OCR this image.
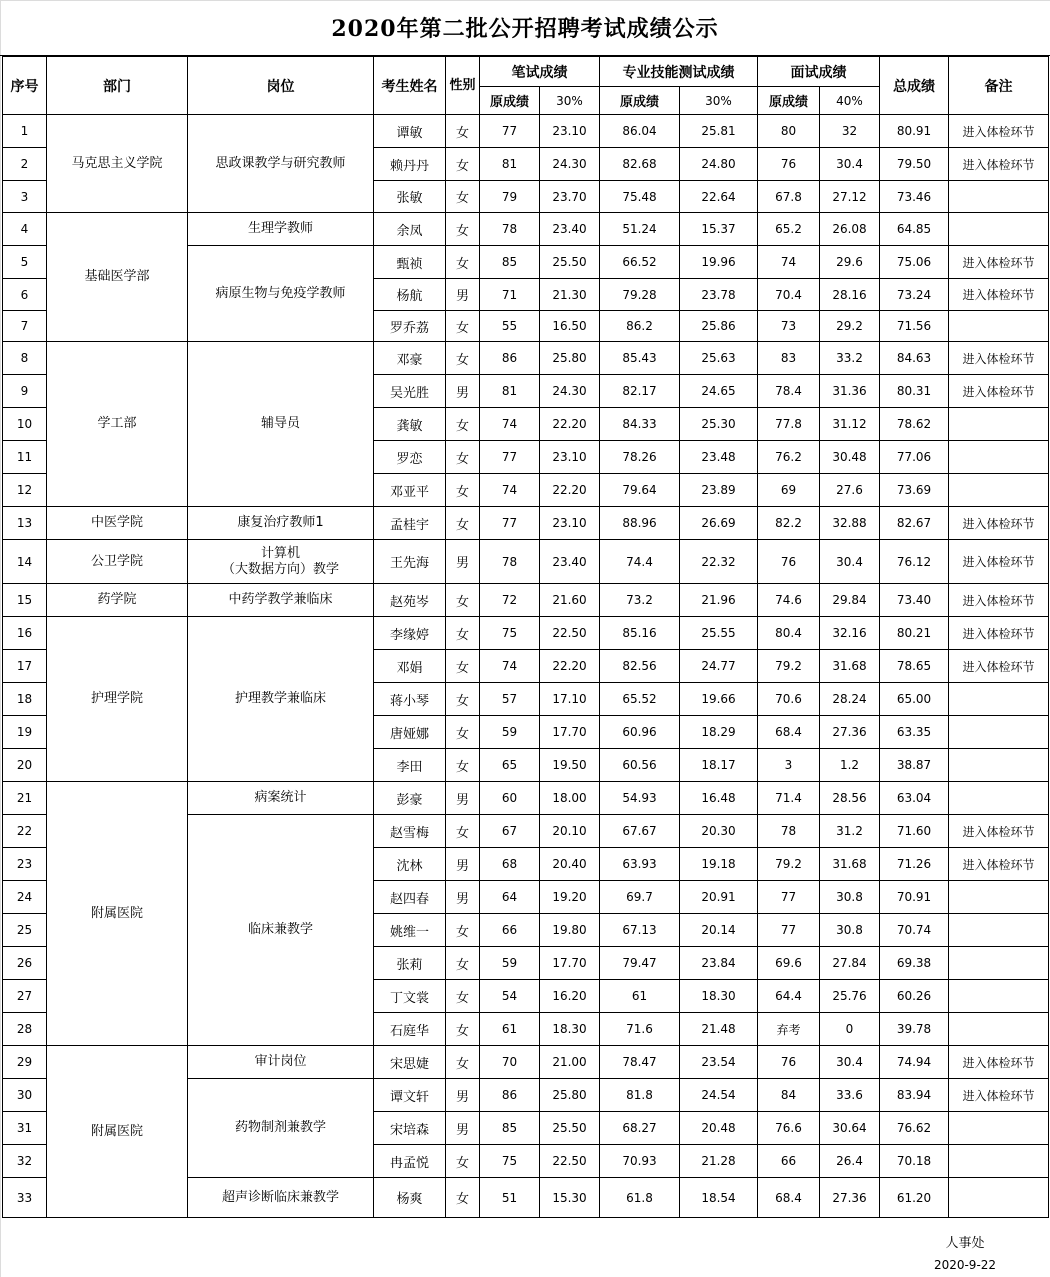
2020年第二批公开招聘考试成绩公示
序号	部门	岗位	考生姓名	性别	笔试成绩		专业技能测试成绩		面试成绩		总成绩	备注
					原成绩	30%	原成绩	30%	原成绩	40%		
1	马克思主义学院	思政课教学与研究教师	谭敏	女	77	23.10	86.04	25.81	80	32	80.91	进入体检环节
2			赖丹丹	女	81	24.30	82.68	24.80	76	30.4	79.50	进入体检环节
3			张敏	女	79	23.70	75.48	22.64	67.8	27.12	73.46	
4	基础医学部	生理学教师	余凤	女	78	23.40	51.24	15.37	65.2	26.08	64.85	
5		病原生物与免疫学教师	甄祯	女	85	25.50	66.52	19.96	74	29.6	75.06	进入体检环节
6			杨航	男	71	21.30	79.28	23.78	70.4	28.16	73.24	进入体检环节
7			罗乔荔	女	55	16.50	86.2	25.86	73	29.2	71.56	
8	学工部	辅导员	邓豪	女	86	25.80	85.43	25.63	83	33.2	84.63	进入体检环节
9			吴光胜	男	81	24.30	82.17	24.65	78.4	31.36	80.31	进入体检环节
10			龚敏	女	74	22.20	84.33	25.30	77.8	31.12	78.62	
11			罗恋	女	77	23.10	78.26	23.48	76.2	30.48	77.06	
12			邓亚平	女	74	22.20	79.64	23.89	69	27.6	73.69	
13	中医学院	康复治疗教师1	孟桂宇	女	77	23.10	88.96	26.69	82.2	32.88	82.67	进入体检环节
14	公卫学院	计算机
（大数据方向）教学	王先海	男	78	23.40	74.4	22.32	76	30.4	76.12	进入体检环节
15	药学院	中药学教学兼临床	赵苑岑	女	72	21.60	73.2	21.96	74.6	29.84	73.40	进入体检环节
16	护理学院	护理教学兼临床	李缘婷	女	75	22.50	85.16	25.55	80.4	32.16	80.21	进入体检环节
17			邓娟	女	74	22.20	82.56	24.77	79.2	31.68	78.65	进入体检环节
18			蒋小琴	女	57	17.10	65.52	19.66	70.6	28.24	65.00	
19			唐娅娜	女	59	17.70	60.96	18.29	68.4	27.36	63.35	
20			李田	女	65	19.50	60.56	18.17	3	1.2	38.87	
21	附属医院	病案统计	彭豪	男	60	18.00	54.93	16.48	71.4	28.56	63.04	
22		临床兼教学	赵雪梅	女	67	20.10	67.67	20.30	78	31.2	71.60	进入体检环节
23			沈林	男	68	20.40	63.93	19.18	79.2	31.68	71.26	进入体检环节
24			赵四春	男	64	19.20	69.7	20.91	77	30.8	70.91	
25			姚维一	女	66	19.80	67.13	20.14	77	30.8	70.74	
26			张莉	女	59	17.70	79.47	23.84	69.6	27.84	69.38	
27			丁文裳	女	54	16.20	61	18.30	64.4	25.76	60.26	
28			石庭华	女	61	18.30	71.6	21.48	弃考	0	39.78	
29	附属医院	审计岗位	宋思婕	女	70	21.00	78.47	23.54	76	30.4	74.94	进入体检环节
30		药物制剂兼教学	谭文轩	男	86	25.80	81.8	24.54	84	33.6	83.94	进入体检环节
31			宋培森	男	85	25.50	68.27	20.48	76.6	30.64	76.62	
32			冉孟悦	女	75	22.50	70.93	21.28	66	26.4	70.18	
33		超声诊断临床兼教学	杨爽	女	51	15.30	61.8	18.54	68.4	27.36	61.20	
人事处
2020-9-22
